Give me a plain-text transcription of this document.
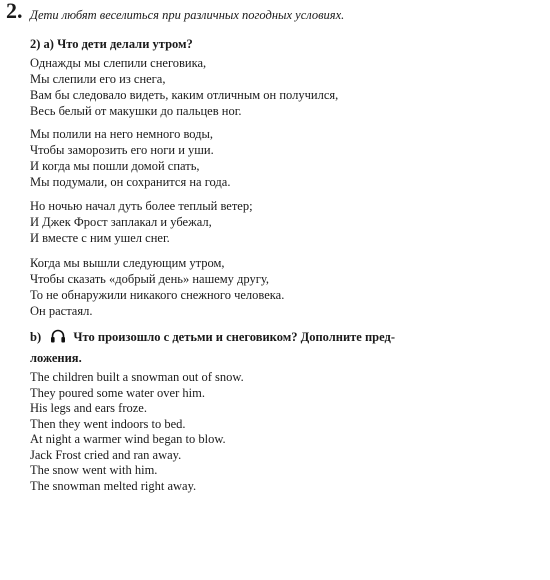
2. Дети любят веселиться при различных погодных условиях.
2) a) Что дети делали утром?
Однажды мы слепили снеговика,
Мы слепили его из снега,
Вам бы следовало видеть, каким отличным он получился,
Весь белый от макушки до пальцев ног.
Мы полили на него немного воды,
Чтобы заморозить его ноги и уши.
И когда мы пошли домой спать,
Мы подумали, он сохранится на года.
Но ночью начал дуть более теплый ветер;
И Джек Фрост заплакал и убежал,
И вместе с ним ушел снег.
Когда мы вышли следующим утром,
Чтобы сказать «добрый день» нашему другу,
То не обнаружили никакого снежного человека.
Он растаял.
b)	Что произошло с детьми и снеговиком? Дополните пред-
ложения.
The children built a snowman out of snow.
They poured some water over him.
His legs and ears froze.
Then they went indoors to bed.
At night a warmer wind began to blow.
Jack Frost cried and ran away.
The snow went with him.
The snowman melted right away.
